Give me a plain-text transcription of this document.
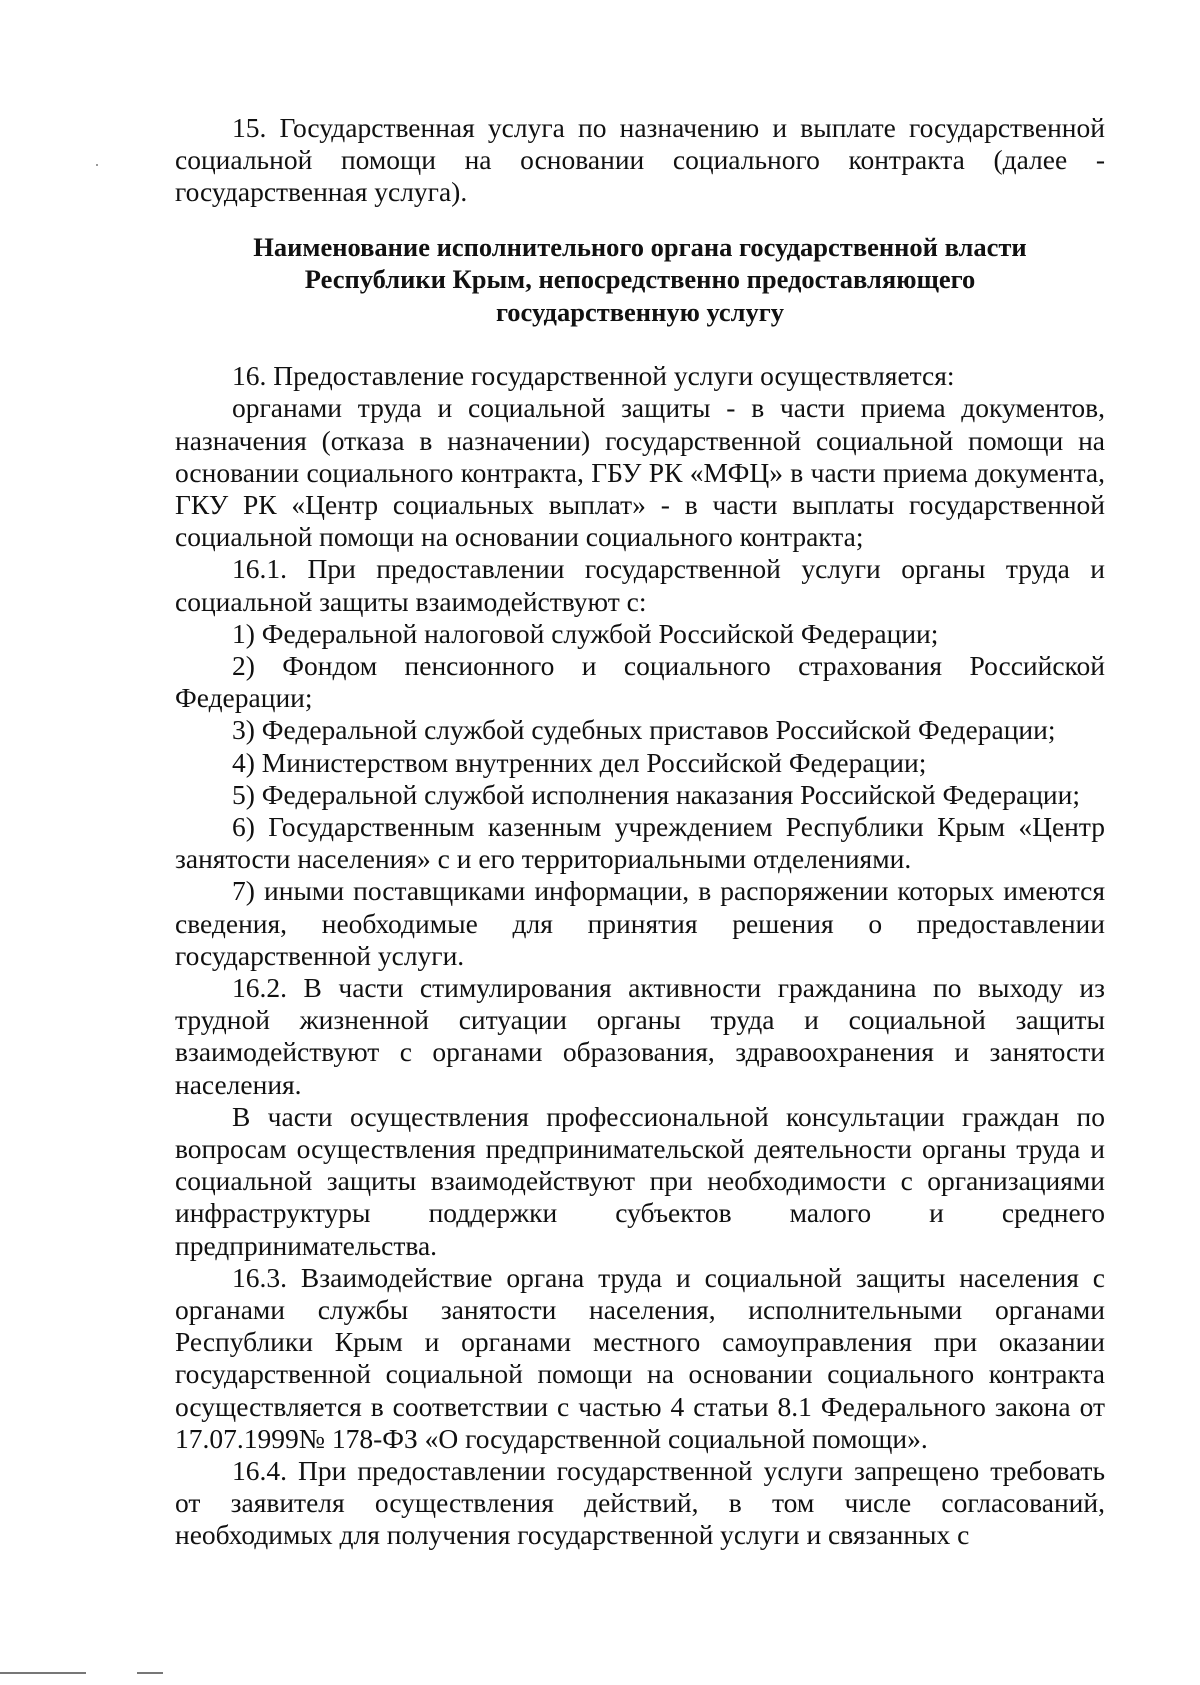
15. Государственная услуга по назначению и выплате государственной социальной помощи на основании социального контракта (далее - государственная услуга).

Наименование исполнительного органа государственной власти
Республики Крым, непосредственно предоставляющего
государственную услугу

16. Предоставление государственной услуги осуществляется:

органами труда и социальной защиты - в части приема документов, назначения (отказа в назначении) государственной социальной помощи на основании социального контракта, ГБУ РК «МФЦ» в части приема документа, ГКУ РК «Центр социальных выплат» - в части выплаты государственной социальной помощи на основании социального контракта;

16.1. При предоставлении государственной услуги органы труда и социальной защиты взаимодействуют с:

1) Федеральной налоговой службой Российской Федерации;

2) Фондом пенсионного и социального страхования Российской Федерации;

3) Федеральной службой судебных приставов Российской Федерации;

4) Министерством внутренних дел Российской Федерации;

5) Федеральной службой исполнения наказания Российской Федерации;

6) Государственным казенным учреждением Республики Крым «Центр занятости населения» с и его территориальными отделениями.

7) иными поставщиками информации, в распоряжении которых имеются сведения, необходимые для принятия решения о предоставлении государственной услуги.

16.2. В части стимулирования активности гражданина по выходу из трудной жизненной ситуации органы труда и социальной защиты взаимодействуют с органами образования, здравоохранения и занятости населения.

В части осуществления профессиональной консультации граждан по вопросам осуществления предпринимательской деятельности органы труда и социальной защиты взаимодействуют при необходимости с организациями инфраструктуры поддержки субъектов малого и среднего предпринимательства.

16.3. Взаимодействие органа труда и социальной защиты населения с органами службы занятости населения, исполнительными органами Республики Крым и органами местного самоуправления при оказании государственной социальной помощи на основании социального контракта осуществляется в соответствии с частью 4 статьи 8.1 Федерального закона от 17.07.1999№ 178-ФЗ «О государственной социальной помощи».

16.4. При предоставлении государственной услуги запрещено требовать от заявителя осуществления действий, в том числе согласований, необходимых для получения государственной услуги и связанных с
